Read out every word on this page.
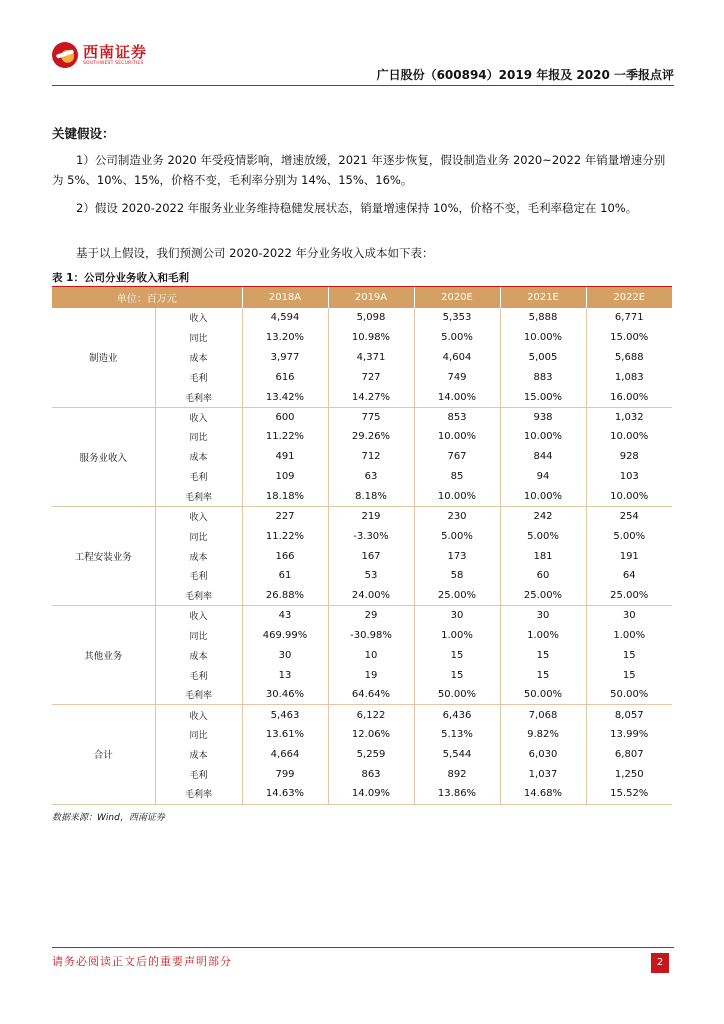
西南证券
SOUTHWEST SECURITIES
广日股份（600894）2019 年报及 2020 一季报点评
关键假设：

1）公司制造业务 2020 年受疫情影响，增速放缓，2021 年逐步恢复，假设制造业务 2020~2022 年销量增速分别为 5%、10%、15%，价格不变，毛利率分别为 14%、15%、16%。

2）假设 2020-2022 年服务业业务维持稳健发展状态，销量增速保持 10%，价格不变，毛利率稳定在 10%。

基于以上假设，我们预测公司 2020-2022 年分业务收入成本如下表：

表 1：公司分业务收入和毛利
单位：百万元		2018A	2019A	2020E	2021E	2022E
制造业	收入	4,594	5,098	5,353	5,888	6,771
	同比	13.20%	10.98%	5.00%	10.00%	15.00%
	成本	3,977	4,371	4,604	5,005	5,688
	毛利	616	727	749	883	1,083
	毛利率	13.42%	14.27%	14.00%	15.00%	16.00%
服务业收入	收入	600	775	853	938	1,032
	同比	11.22%	29.26%	10.00%	10.00%	10.00%
	成本	491	712	767	844	928
	毛利	109	63	85	94	103
	毛利率	18.18%	8.18%	10.00%	10.00%	10.00%
工程安装业务	收入	227	219	230	242	254
	同比	11.22%	-3.30%	5.00%	5.00%	5.00%
	成本	166	167	173	181	191
	毛利	61	53	58	60	64
	毛利率	26.88%	24.00%	25.00%	25.00%	25.00%
其他业务	收入	43	29	30	30	30
	同比	469.99%	-30.98%	1.00%	1.00%	1.00%
	成本	30	10	15	15	15
	毛利	13	19	15	15	15
	毛利率	30.46%	64.64%	50.00%	50.00%	50.00%
合计	收入	5,463	6,122	6,436	7,068	8,057
	同比	13.61%	12.06%	5.13%	9.82%	13.99%
	成本	4,664	5,259	5,544	6,030	6,807
	毛利	799	863	892	1,037	1,250
	毛利率	14.63%	14.09%	13.86%	14.68%	15.52%
数据来源：Wind，西南证券
请务必阅读正文后的重要声明部分	2
